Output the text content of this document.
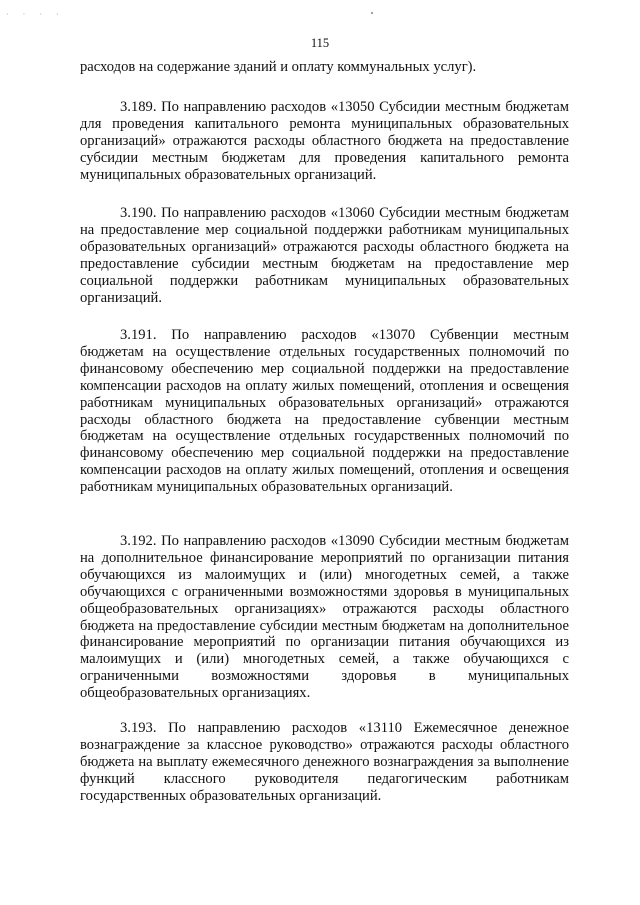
· · · ·
115
расходов на содержание зданий и оплату коммунальных услуг).
3.189. По направлению расходов «13050 Субсидии местным бюджетам для проведения капитального ремонта муниципальных образовательных организаций» отражаются расходы областного бюджета на предоставление субсидии местным бюджетам для проведения капитального ремонта муниципальных образовательных организаций.
3.190. По направлению расходов «13060 Субсидии местным бюджетам на предоставление мер социальной поддержки работникам муниципальных образовательных организаций» отражаются расходы областного бюджета на предоставление субсидии местным бюджетам на предоставление мер социальной поддержки работникам муниципальных образовательных организаций.
3.191. По направлению расходов «13070 Субвенции местным бюджетам на осуществление отдельных государственных полномочий по финансовому обеспечению мер социальной поддержки на предоставление компенсации расходов на оплату жилых помещений, отопления и освещения работникам муниципальных образовательных организаций» отражаются расходы областного бюджета на предоставление субвенции местным бюджетам на осуществление отдельных государственных полномочий по финансовому обеспечению мер социальной поддержки на предоставление компенсации расходов на оплату жилых помещений, отопления и освещения работникам муниципальных образовательных организаций.
3.192. По направлению расходов «13090 Субсидии местным бюджетам на дополнительное финансирование мероприятий по организации питания обучающихся из малоимущих и (или) многодетных семей, а также обучающихся с ограниченными возможностями здоровья в муниципальных общеобразовательных организациях» отражаются расходы областного бюджета на предоставление субсидии местным бюджетам на дополнительное финансирование мероприятий по организации питания обучающихся из малоимущих и (или) многодетных семей, а также обучающихся с ограниченными возможностями здоровья в муниципальных общеобразовательных организациях.
3.193. По направлению расходов «13110 Ежемесячное денежное вознаграждение за классное руководство» отражаются расходы областного бюджета на выплату ежемесячного денежного вознаграждения за выполнение функций классного руководителя педагогическим работникам государственных образовательных организаций.
